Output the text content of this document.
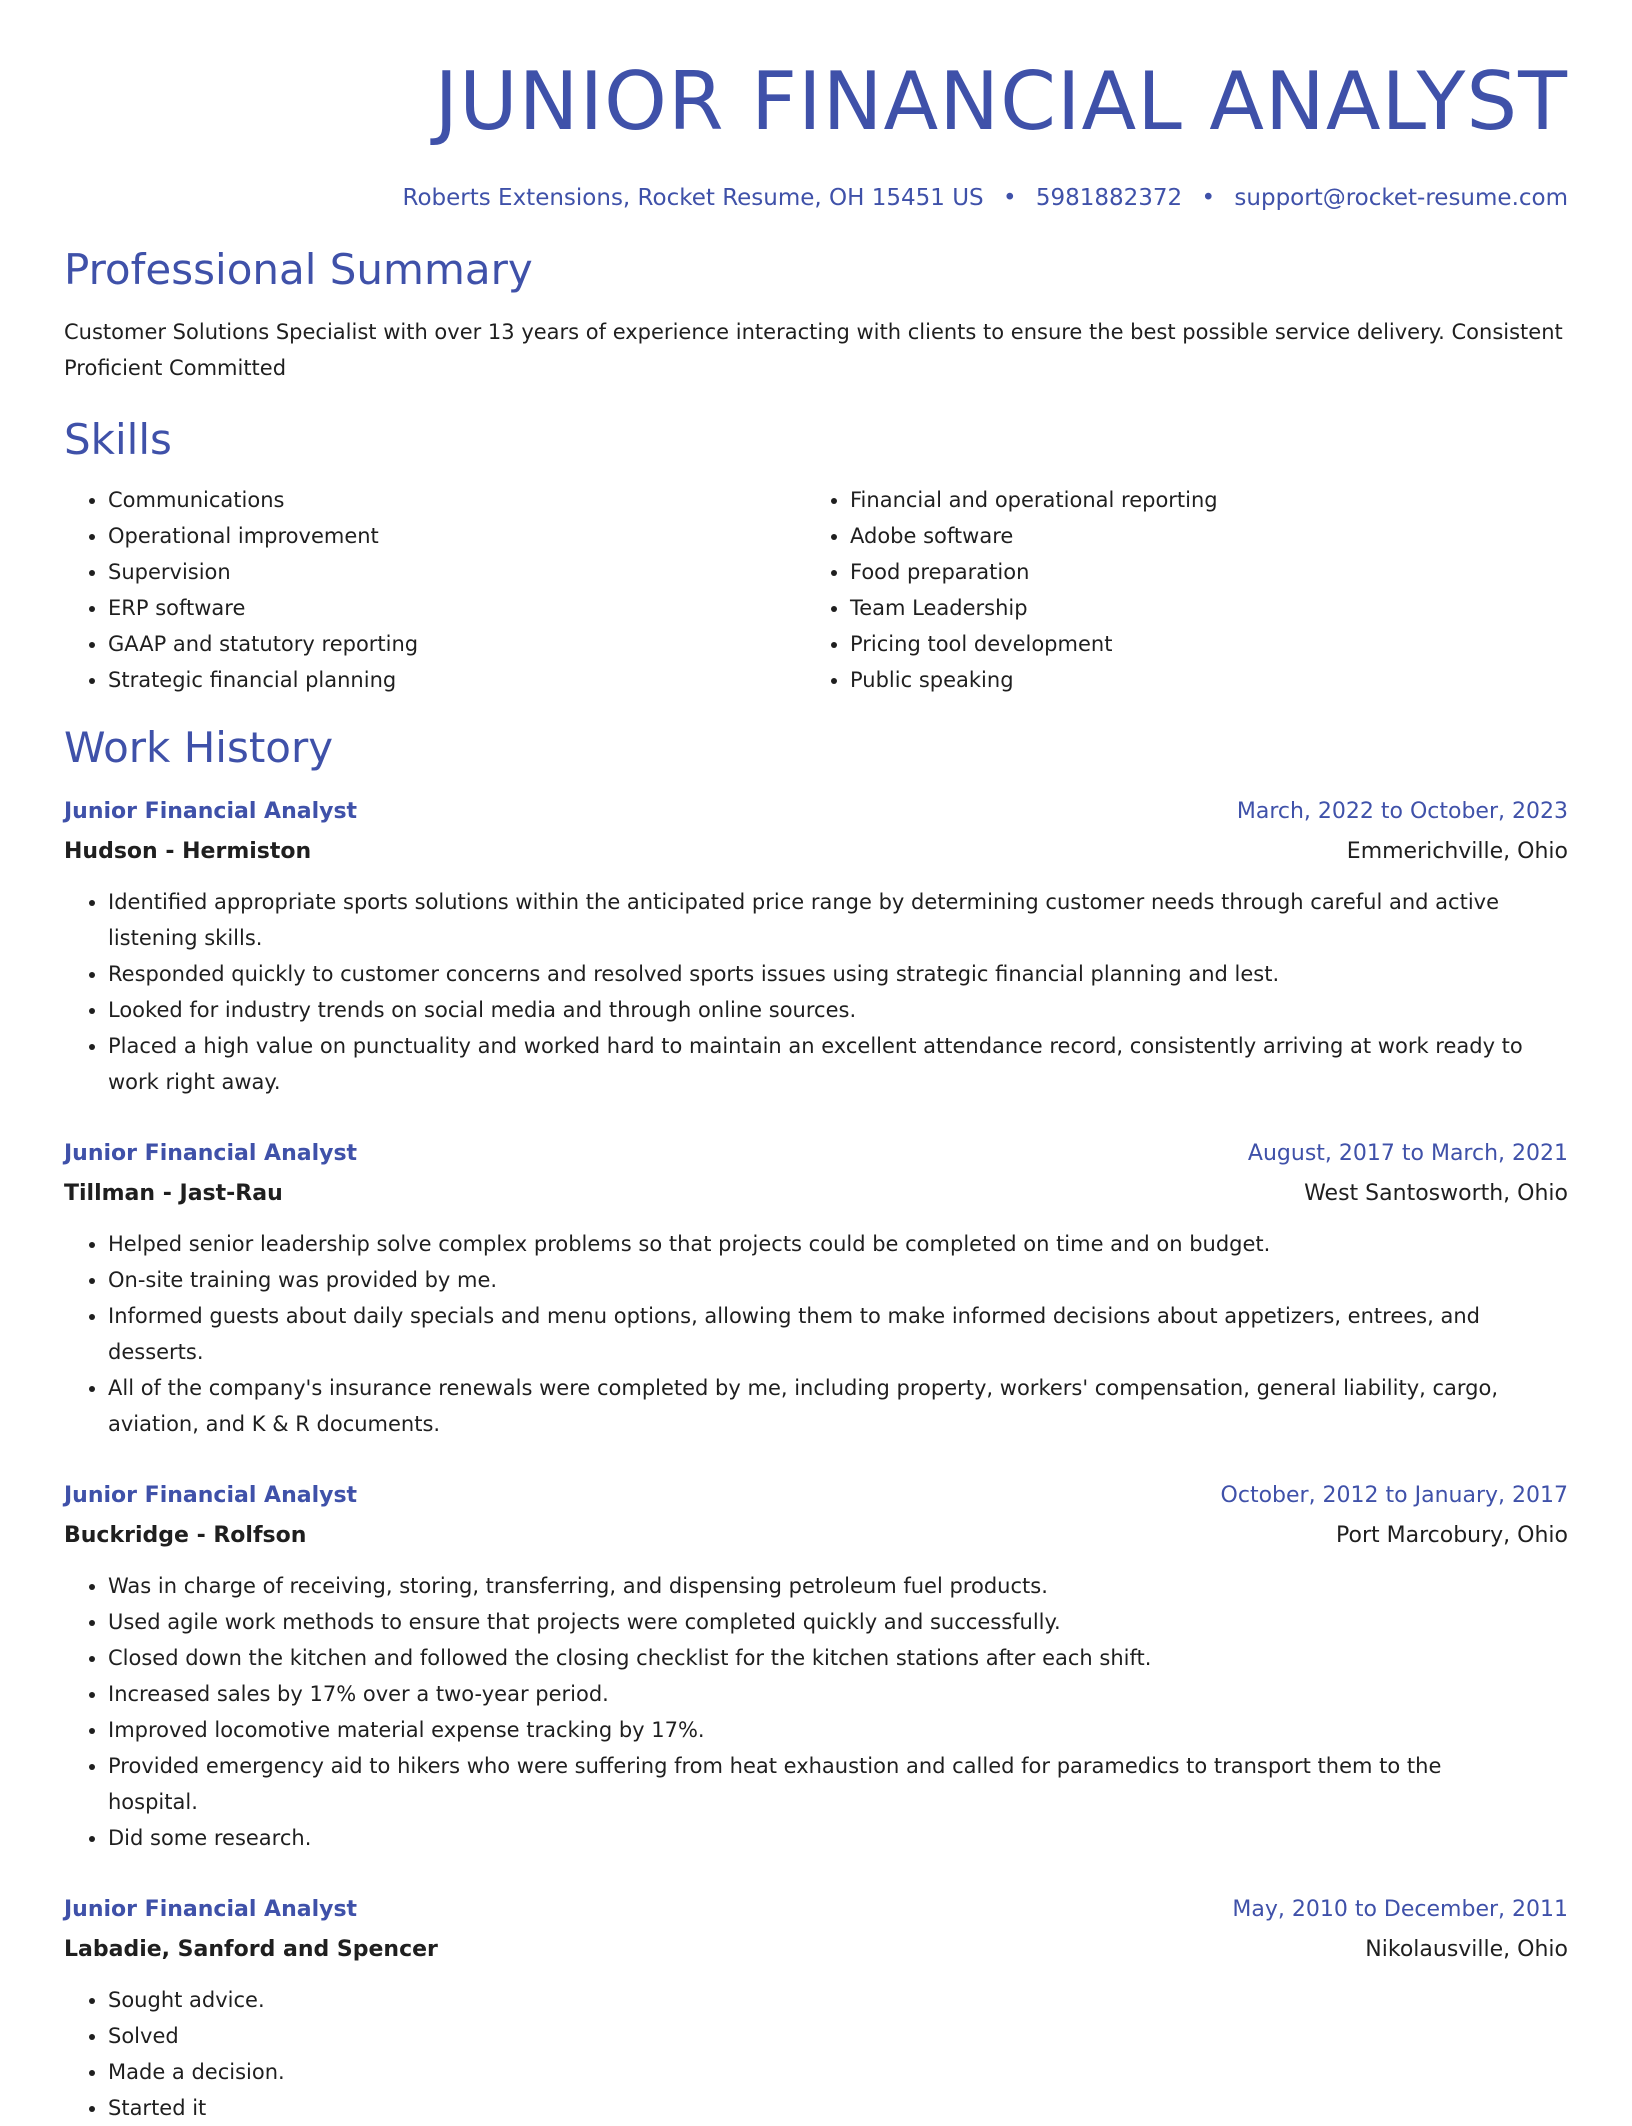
JUNIOR FINANCIAL ANALYST
Roberts Extensions, Rocket Resume, OH 15451 US • 5981882372 • support@rocket-resume.com
Professional Summary
Customer Solutions Specialist with over 13 years of experience interacting with clients to ensure the best possible service delivery. Consistent Proficient Committed
Skills
• Communications
• Operational improvement
• Supervision
• ERP software
• GAAP and statutory reporting
• Strategic financial planning
• Financial and operational reporting
• Adobe software
• Food preparation
• Team Leadership
• Pricing tool development
• Public speaking
Work History
Junior Financial Analyst	March, 2022 to October, 2023
Hudson - Hermiston	Emmerichville, Ohio
• Identified appropriate sports solutions within the anticipated price range by determining customer needs through careful and active listening skills.
• Responded quickly to customer concerns and resolved sports issues using strategic financial planning and lest.
• Looked for industry trends on social media and through online sources.
• Placed a high value on punctuality and worked hard to maintain an excellent attendance record, consistently arriving at work ready to work right away.
Junior Financial Analyst	August, 2017 to March, 2021
Tillman - Jast-Rau	West Santosworth, Ohio
• Helped senior leadership solve complex problems so that projects could be completed on time and on budget.
• On-site training was provided by me.
• Informed guests about daily specials and menu options, allowing them to make informed decisions about appetizers, entrees, and desserts.
• All of the company's insurance renewals were completed by me, including property, workers' compensation, general liability, cargo, aviation, and K & R documents.
Junior Financial Analyst	October, 2012 to January, 2017
Buckridge - Rolfson	Port Marcobury, Ohio
• Was in charge of receiving, storing, transferring, and dispensing petroleum fuel products.
• Used agile work methods to ensure that projects were completed quickly and successfully.
• Closed down the kitchen and followed the closing checklist for the kitchen stations after each shift.
• Increased sales by 17% over a two-year period.
• Improved locomotive material expense tracking by 17%.
• Provided emergency aid to hikers who were suffering from heat exhaustion and called for paramedics to transport them to the hospital.
• Did some research.
Junior Financial Analyst	May, 2010 to December, 2011
Labadie, Sanford and Spencer	Nikolausville, Ohio
• Sought advice.
• Solved
• Made a decision.
• Started it
